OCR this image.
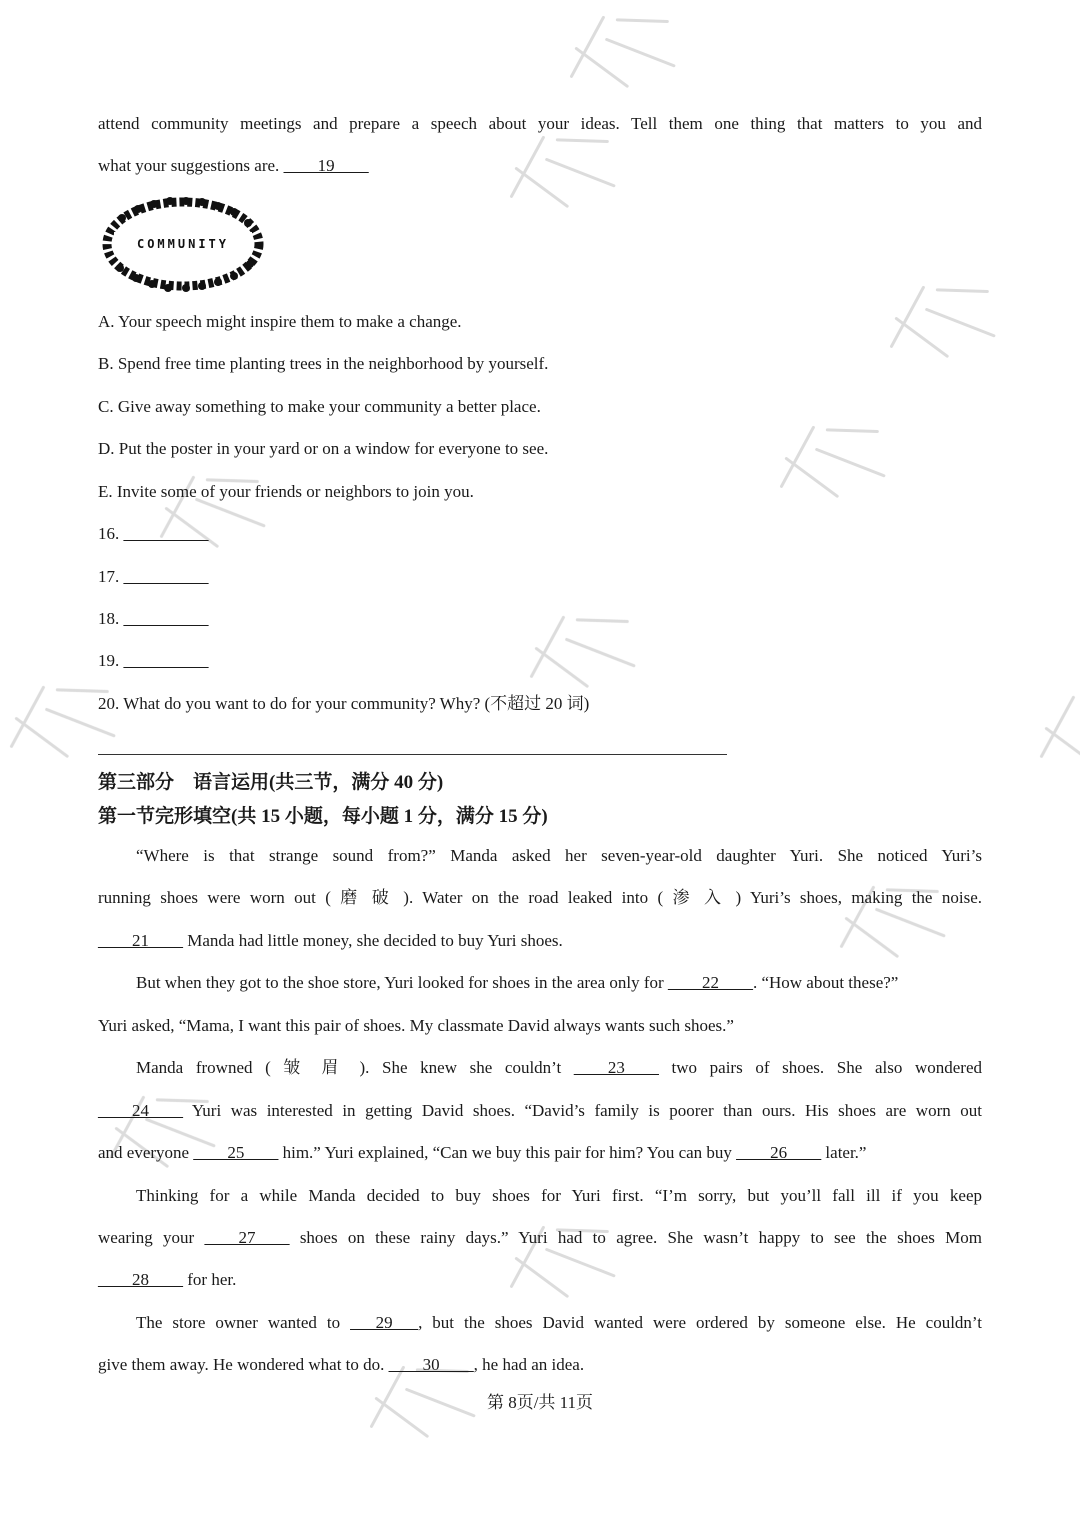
attend community meetings and prepare a speech about your ideas. Tell them one thing that matters to you and
what your suggestions are. ____19____
COMMUNITY
A. Your speech might inspire them to make a change.
B. Spend free time planting trees in the neighborhood by yourself.
C. Give away something to make your community a better place.
D. Put the poster in your yard or on a window for everyone to see.
E. Invite some of your friends or neighbors to join you.
16. __________
17. __________
18. __________
19. __________
20. What do you want to do for your community? Why? (不超过 20 词)
第三部分　语言运用(共三节，满分 40 分)
第一节完形填空(共 15 小题，每小题 1 分，满分 15 分)
“Where is that strange sound from?” Manda asked her seven-year-old daughter Yuri. She noticed Yuri’s
running shoes were worn out ( 磨 破 ). Water on the road leaked into ( 渗 入 ) Yuri’s shoes, making the noise.
____21____ Manda had little money, she decided to buy Yuri shoes.
But when they got to the shoe store, Yuri looked for shoes in the area only for ____22____. “How about these?”
Yuri asked, “Mama, I want this pair of shoes. My classmate David always wants such shoes.”
Manda frowned ( 皱 眉 ). She knew she couldn’t ____23____ two pairs of shoes. She also wondered
____24____ Yuri was interested in getting David shoes. “David’s family is poorer than ours. His shoes are worn out
and everyone ____25____ him.” Yuri explained, “Can we buy this pair for him? You can buy ____26____ later.”
Thinking for a while Manda decided to buy shoes for Yuri first. “I’m sorry, but you’ll fall ill if you keep
wearing your ____27____ shoes on these rainy days.” Yuri had to agree. She wasn’t happy to see the shoes Mom
____28____ for her.
The store owner wanted to ___29___, but the shoes David wanted were ordered by someone else. He couldn’t
give them away. He wondered what to do. ____30____, he had an idea.
第 8页/共 11页
